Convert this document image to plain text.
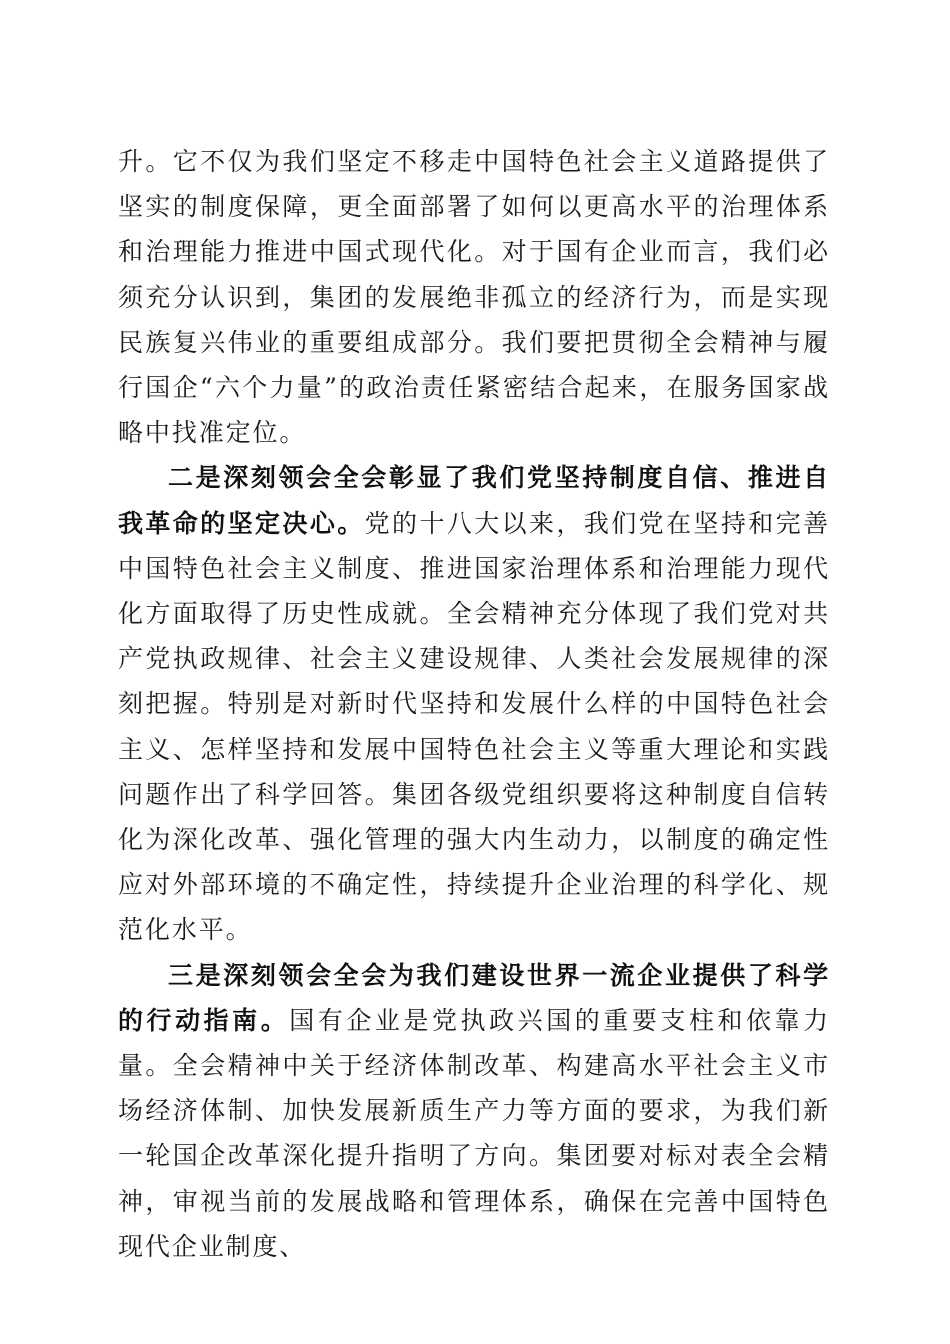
升。它不仅为我们坚定不移走中国特色社会主义道路提供了坚实的制度保障，更全面部署了如何以更高水平的治理体系和治理能力推进中国式现代化。对于国有企业而言，我们必须充分认识到，集团的发展绝非孤立的经济行为，而是实现民族复兴伟业的重要组成部分。我们要把贯彻全会精神与履行国企“六个力量”的政治责任紧密结合起来，在服务国家战略中找准定位。

二是深刻领会全会彰显了我们党坚持制度自信、推进自我革命的坚定决心。党的十八大以来，我们党在坚持和完善中国特色社会主义制度、推进国家治理体系和治理能力现代化方面取得了历史性成就。全会精神充分体现了我们党对共产党执政规律、社会主义建设规律、人类社会发展规律的深刻把握。特别是对新时代坚持和发展什么样的中国特色社会主义、怎样坚持和发展中国特色社会主义等重大理论和实践问题作出了科学回答。集团各级党组织要将这种制度自信转化为深化改革、强化管理的强大内生动力，以制度的确定性应对外部环境的不确定性，持续提升企业治理的科学化、规范化水平。

三是深刻领会全会为我们建设世界一流企业提供了科学的行动指南。国有企业是党执政兴国的重要支柱和依靠力量。全会精神中关于经济体制改革、构建高水平社会主义市场经济体制、加快发展新质生产力等方面的要求，为我们新一轮国企改革深化提升指明了方向。集团要对标对表全会精神，审视当前的发展战略和管理体系，确保在完善中国特色现代企业制度、
